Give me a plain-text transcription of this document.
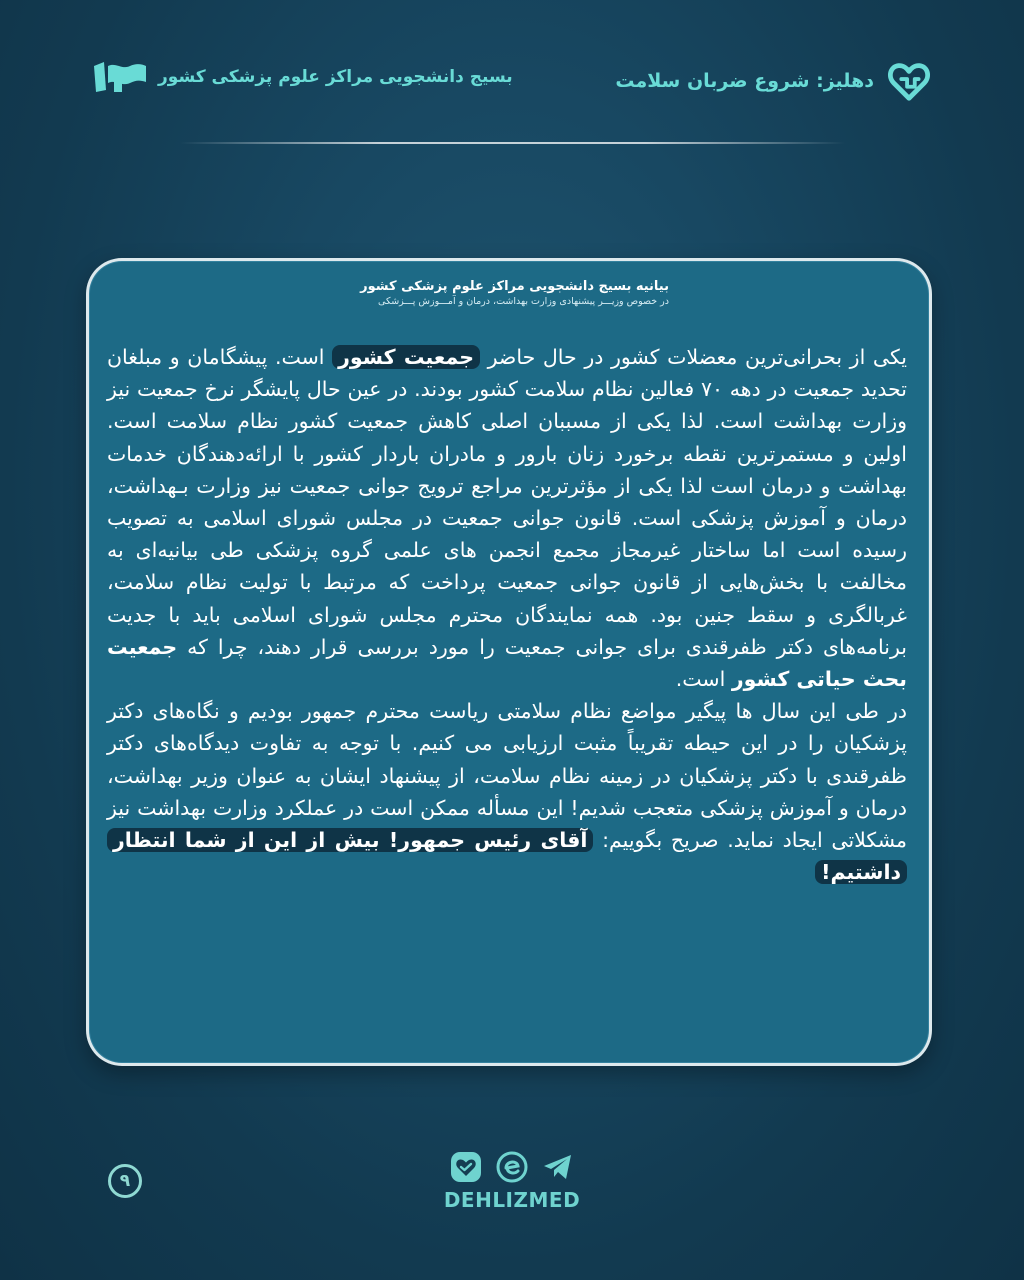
دهلیز: شروع ضربان سلامت
بسیج دانشجویی مراکز علوم پزشکی کشور
بیانیه بسیج دانشجویی مراکز علوم پزشکی کشور
در خصوص وزیـــر پیشنهادی وزارت بهداشت، درمان و آمـــوزش پـــزشکی

یکی از بحرانی‌ترین معضلات کشور در حال حاضر جمعیت کشور است. پیشگامان و مبلغان تحدید جمعیت در دهه ۷۰ فعالین نظام سلامت کشور بودند. در عین حال پایشگر نرخ جمعیت نیز وزارت بهداشت است. لذا یکی از مسببان اصلی کاهش جمعیت کشور نظام سلامت است. اولین و مستمرترین نقطه برخورد زنان بارور و مادران باردار کشور با ارائه‌دهندگان خدمات بهداشت و درمان است لذا یکی از مؤثرترین مراجع ترویج جوانی جمعیت نیز وزارت بـهداشت، درمان و آموزش پزشکی است. قانون جوانی جمعیت در مجلس شورای اسلامی به تصویب رسیده است اما ساختار غیرمجاز مجمع انجمن های علمی گروه پزشکی طی بیانیه‌ای به مخالفت با بخش‌هایی از قانون جوانی جمعیت پرداخت که مرتبط با تولیت نظام سلامت، غربالگری و سقط جنین بود. همه نمایندگان محترم مجلس شورای اسلامی باید با جدیت برنامه‌های دکتر ظفرقندی برای جوانی جمعیت را مورد بررسی قرار دهند، چرا که جمعیت بحث حیاتی کشور است.

در طی این سال ها پیگیر مواضع نظام سلامتی ریاست محترم جمهور بودیم و نگاه‌های دکتر پزشکیان را در این حیطه تقریباً مثبت ارزیابی می کنیم. با توجه به تفاوت دیدگاه‌های دکتر ظفرقندی با دکتر پزشکیان در زمینه نظام سلامت، از پیشنهاد ایشان به عنوان وزیر بهداشت، درمان و آموزش پزشکی متعجب شدیم! این مسأله ممکن است در عملکرد وزارت بهداشت نیز مشکلاتی ایجاد نماید. صریح بگوییم: آقای رئیس جمهور! بیش از این از شما انتظار داشتیم!

۹
DEHLIZMED
